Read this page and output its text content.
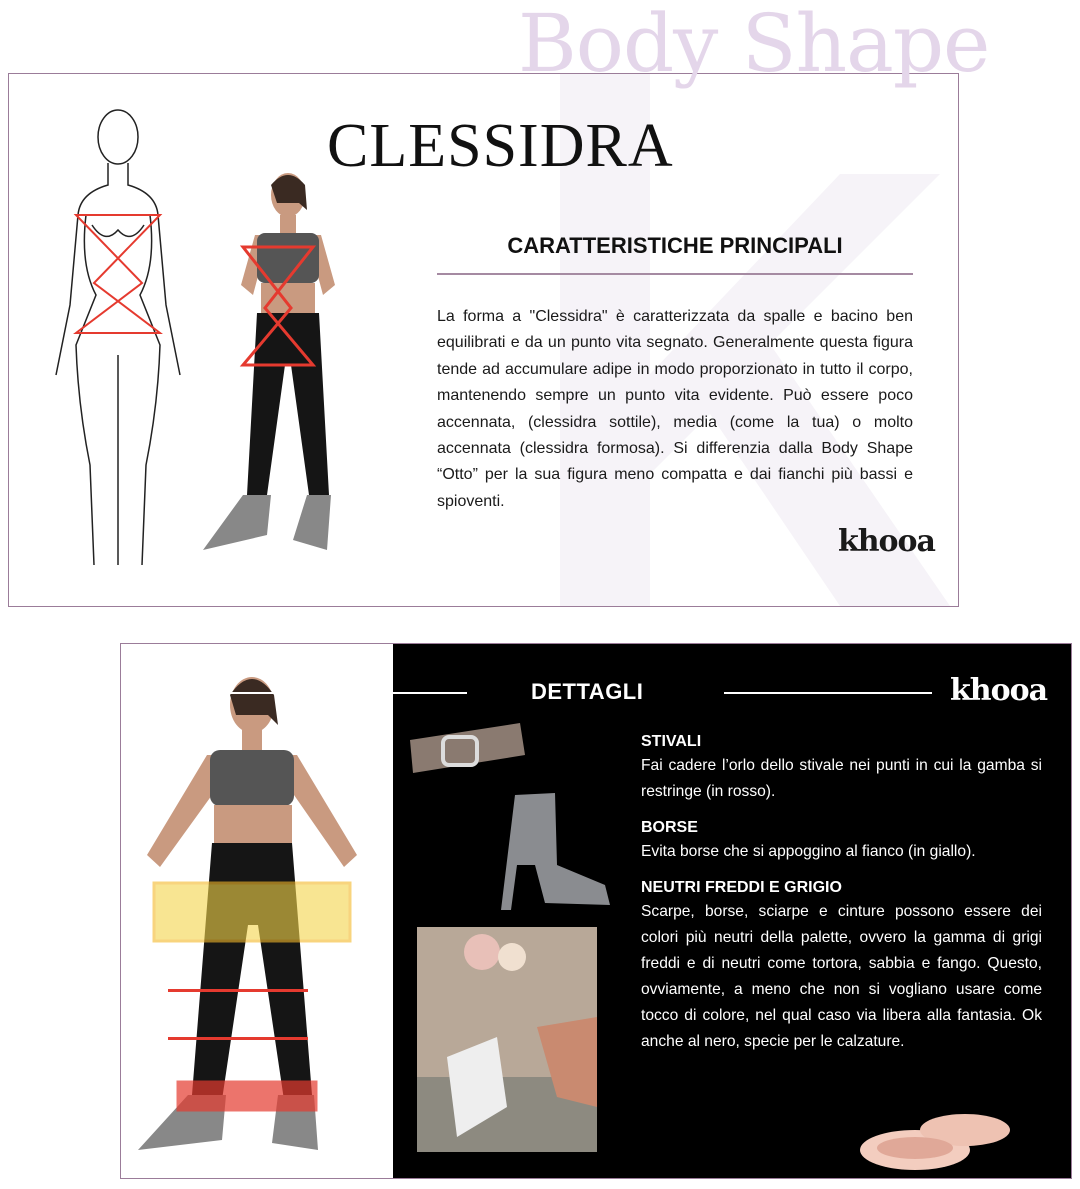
Body Shape
CLESSIDRA
CARATTERISTICHE PRINCIPALI
La forma a "Clessidra" è caratterizzata da spalle e bacino ben equilibrati e da un punto vita segnato. Generalmente questa figura tende ad accumulare adipe in modo proporzionato in tutto il corpo, mantenendo sempre un punto vita evidente. Può essere poco accennata, (clessidra sottile), media (come la tua) o molto accennata (clessidra formosa). Si differenzia dalla Body Shape “Otto” per la sua figura meno compatta e dai fianchi più bassi e spioventi.
khooa
DETTAGLI	khooa
STIVALI

Fai cadere l’orlo dello stivale nei punti in cui la gamba si restringe (in rosso).

BORSE

Evita borse che si appoggino al fianco (in giallo).

NEUTRI FREDDI E GRIGIO

Scarpe, borse, sciarpe e cinture possono essere dei colori più neutri della palette, ovvero la gamma di grigi freddi e di neutri come tortora, sabbia e fango. Questo, ovviamente, a meno che non si vogliano usare come tocco di colore, nel qual caso via libera alla fantasia. Ok anche al nero, specie per le calzature.
